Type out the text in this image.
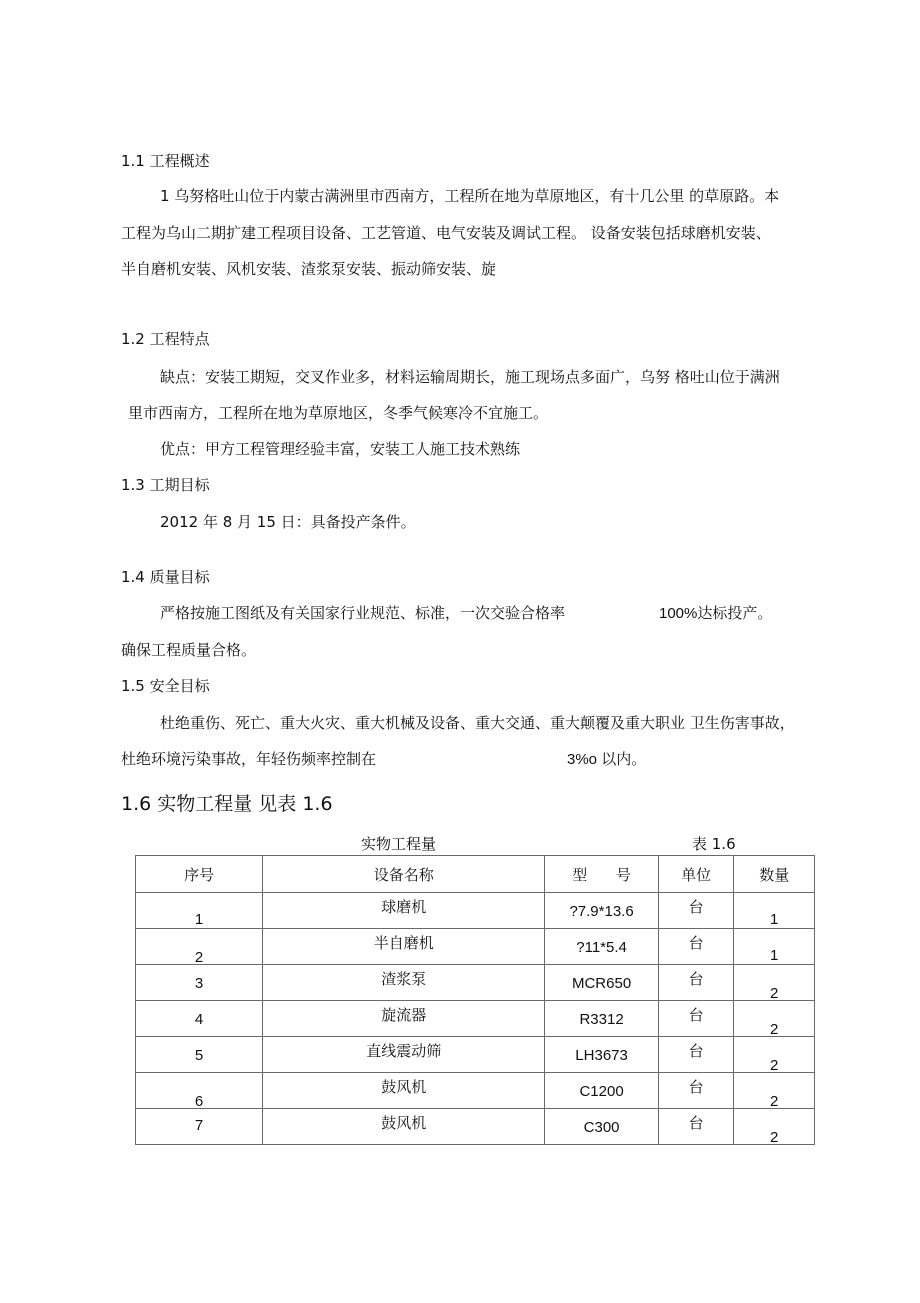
1.1 工程概述
1 乌努格吐山位于内蒙古满洲里市西南方，工程所在地为草原地区，有十几公里 的草原路。本
工程为乌山二期扩建工程项目设备、工艺管道、电气安装及调试工程。 设备安装包括球磨机安装、
半自磨机安装、风机安装、渣浆泵安装、振动筛安装、旋
1.2 工程特点
缺点：安装工期短，交叉作业多，材料运输周期长，施工现场点多面广，乌努 格吐山位于满洲
里市西南方，工程所在地为草原地区，冬季气候寒冷不宜施工。
优点：甲方工程管理经验丰富，安装工人施工技术熟练
1.3 工期目标
2012 年 8 月 15 日：具备投产条件。
1.4 质量目标
严格按施工图纸及有关国家行业规范、标准，一次交验合格率	100%达标投产。
确保工程质量合格。
1.5 安全目标
杜绝重伤、死亡、重大火灾、重大机械及设备、重大交通、重大颠覆及重大职业 卫生伤害事故，
杜绝环境污染事故，年轻伤频率控制在	3%o 以内。
1.6 实物工程量 见表 1.6
实物工程量	表 1.6
序号	设备名称	型      号	单位	数量

1	球磨机	?7.9*13.6	台	1

2	半自磨机	?11*5.4	台	1

3	渣浆泵	MCR650	台	2

4	旋流器	R3312	台	2

5	直线震动筛	LH3673	台	2

6	鼓风机	C1200	台	2

7	鼓风机	C300	台	2
